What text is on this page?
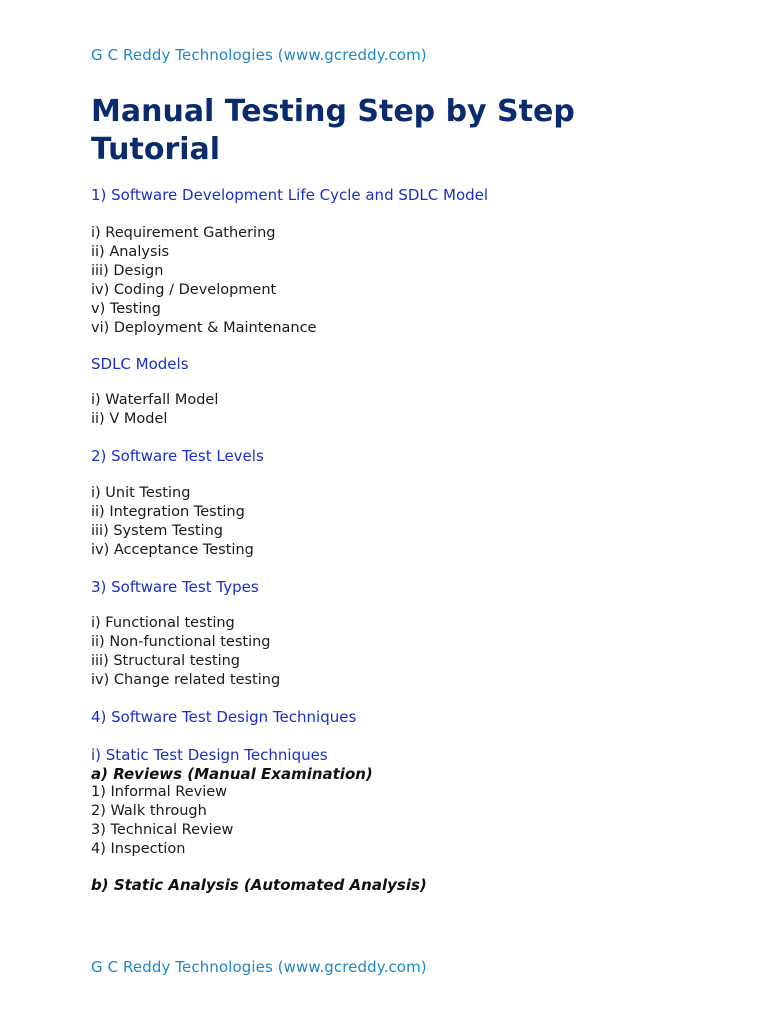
G C Reddy Technologies (www.gcreddy.com)
Manual Testing Step by Step Tutorial
1) Software Development Life Cycle and SDLC Model
i) Requirement Gathering
ii) Analysis
iii) Design
iv) Coding / Development
v) Testing
vi) Deployment & Maintenance
SDLC Models
i) Waterfall Model
ii) V Model
2) Software Test Levels
i) Unit Testing
ii) Integration Testing
iii) System Testing
iv) Acceptance Testing
3) Software Test Types
i) Functional testing
ii) Non-functional testing
iii) Structural testing
iv) Change related testing
4) Software Test Design Techniques
i) Static Test Design Techniques
a) Reviews (Manual Examination)
1) Informal Review
2) Walk through
3) Technical Review
4) Inspection
b) Static Analysis (Automated Analysis)
G C Reddy Technologies (www.gcreddy.com)
